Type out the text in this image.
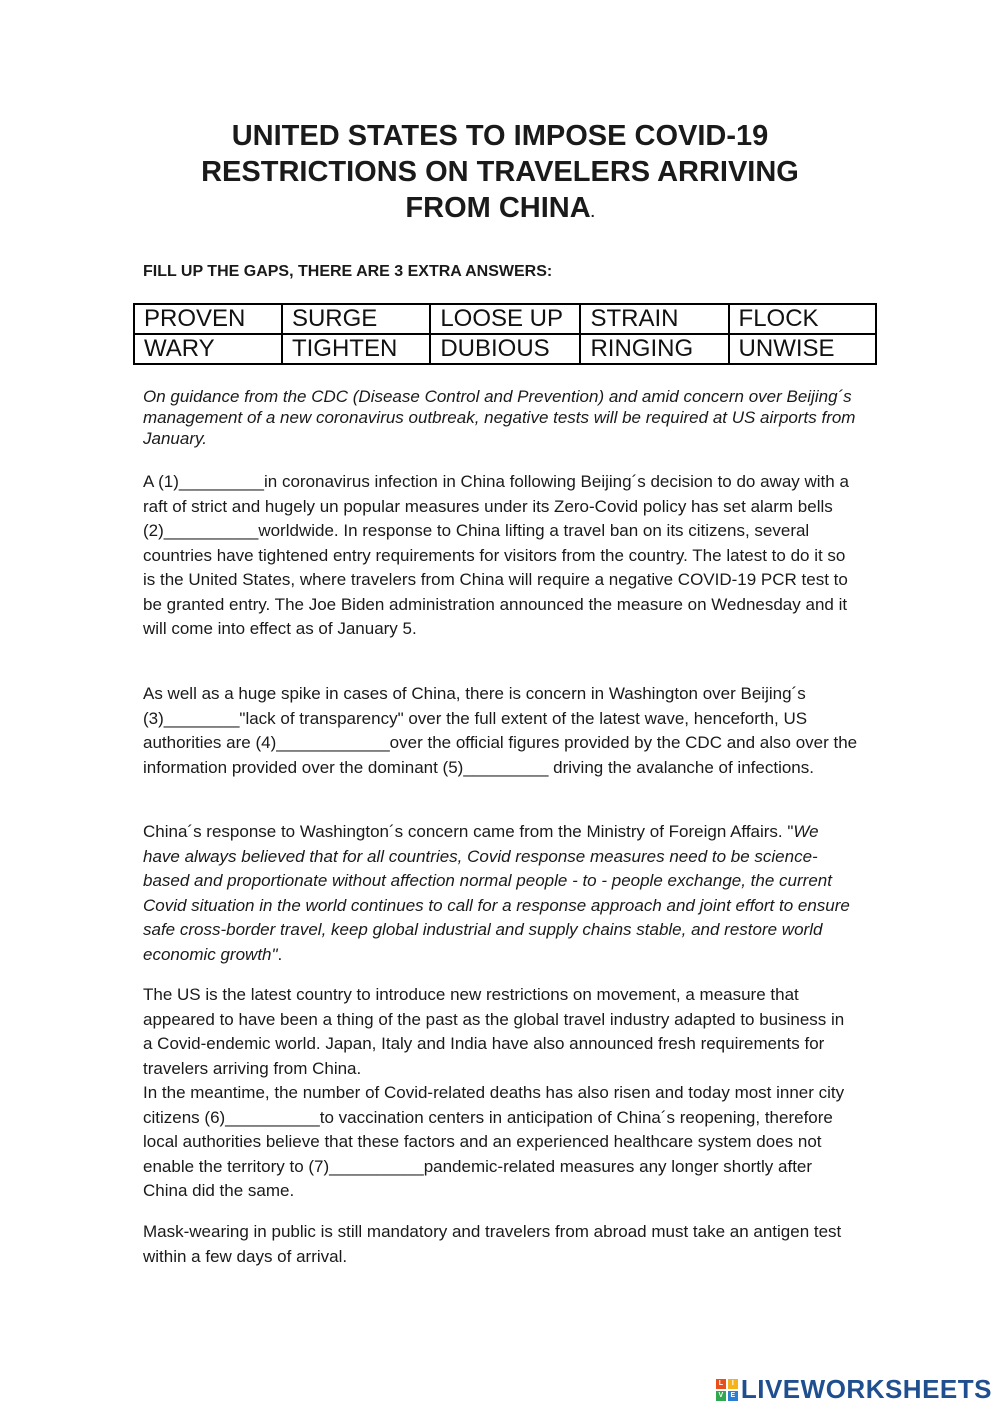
UNITED STATES TO IMPOSE COVID-19
RESTRICTIONS ON TRAVELERS ARRIVING
FROM CHINA.
FILL UP THE GAPS, THERE ARE 3 EXTRA ANSWERS:
PROVEN	SURGE	LOOSE UP	STRAIN	FLOCK
WARY	TIGHTEN	DUBIOUS	RINGING	UNWISE
On guidance from the CDC (Disease Control and Prevention) and amid concern over Beijing´s management of a new coronavirus outbreak, negative tests will be required at US airports from January.
A (1)_________in coronavirus infection in China following Beijing´s decision to do away with a raft of strict and hugely un popular measures under its Zero-Covid policy has set alarm bells (2)__________worldwide. In response to China lifting a travel ban on its citizens, several countries have tightened entry requirements for visitors from the country. The latest to do it so is the United States, where travelers from China will require a negative COVID-19 PCR test to be granted entry. The Joe Biden administration announced the measure on Wednesday and it will come into effect as of January 5.
As well as a huge spike in cases of China, there is concern in Washington over Beijing´s (3)________"lack of transparency" over the full extent of the latest wave, henceforth, US authorities are (4)____________over the official figures provided by the CDC and also over the information provided over the dominant (5)_________ driving the avalanche of infections.
China´s response to Washington´s concern came from the Ministry of Foreign Affairs. "We have always believed that for all countries, Covid response measures need to be science-based and proportionate without affection normal people - to - people exchange, the current Covid situation in the world continues to call for a response approach and joint effort to ensure safe cross-border travel, keep global industrial and supply chains stable, and restore world economic growth".
The US is the latest country to introduce new restrictions on movement, a measure that appeared to have been a thing of the past as the global travel industry adapted to business in a Covid-endemic world. Japan, Italy and India have also announced fresh requirements for travelers arriving from China.
In the meantime, the number of Covid-related deaths has also risen and today most inner city citizens (6)__________to vaccination centers in anticipation of China´s reopening, therefore local authorities believe that these factors and an experienced healthcare system does not enable the territory to (7)__________pandemic-related measures any longer shortly after China did the same.
Mask-wearing in public is still mandatory and travelers from abroad must take an antigen test within a few days of arrival.
L	I
V	E LIVEWORKSHEETS
